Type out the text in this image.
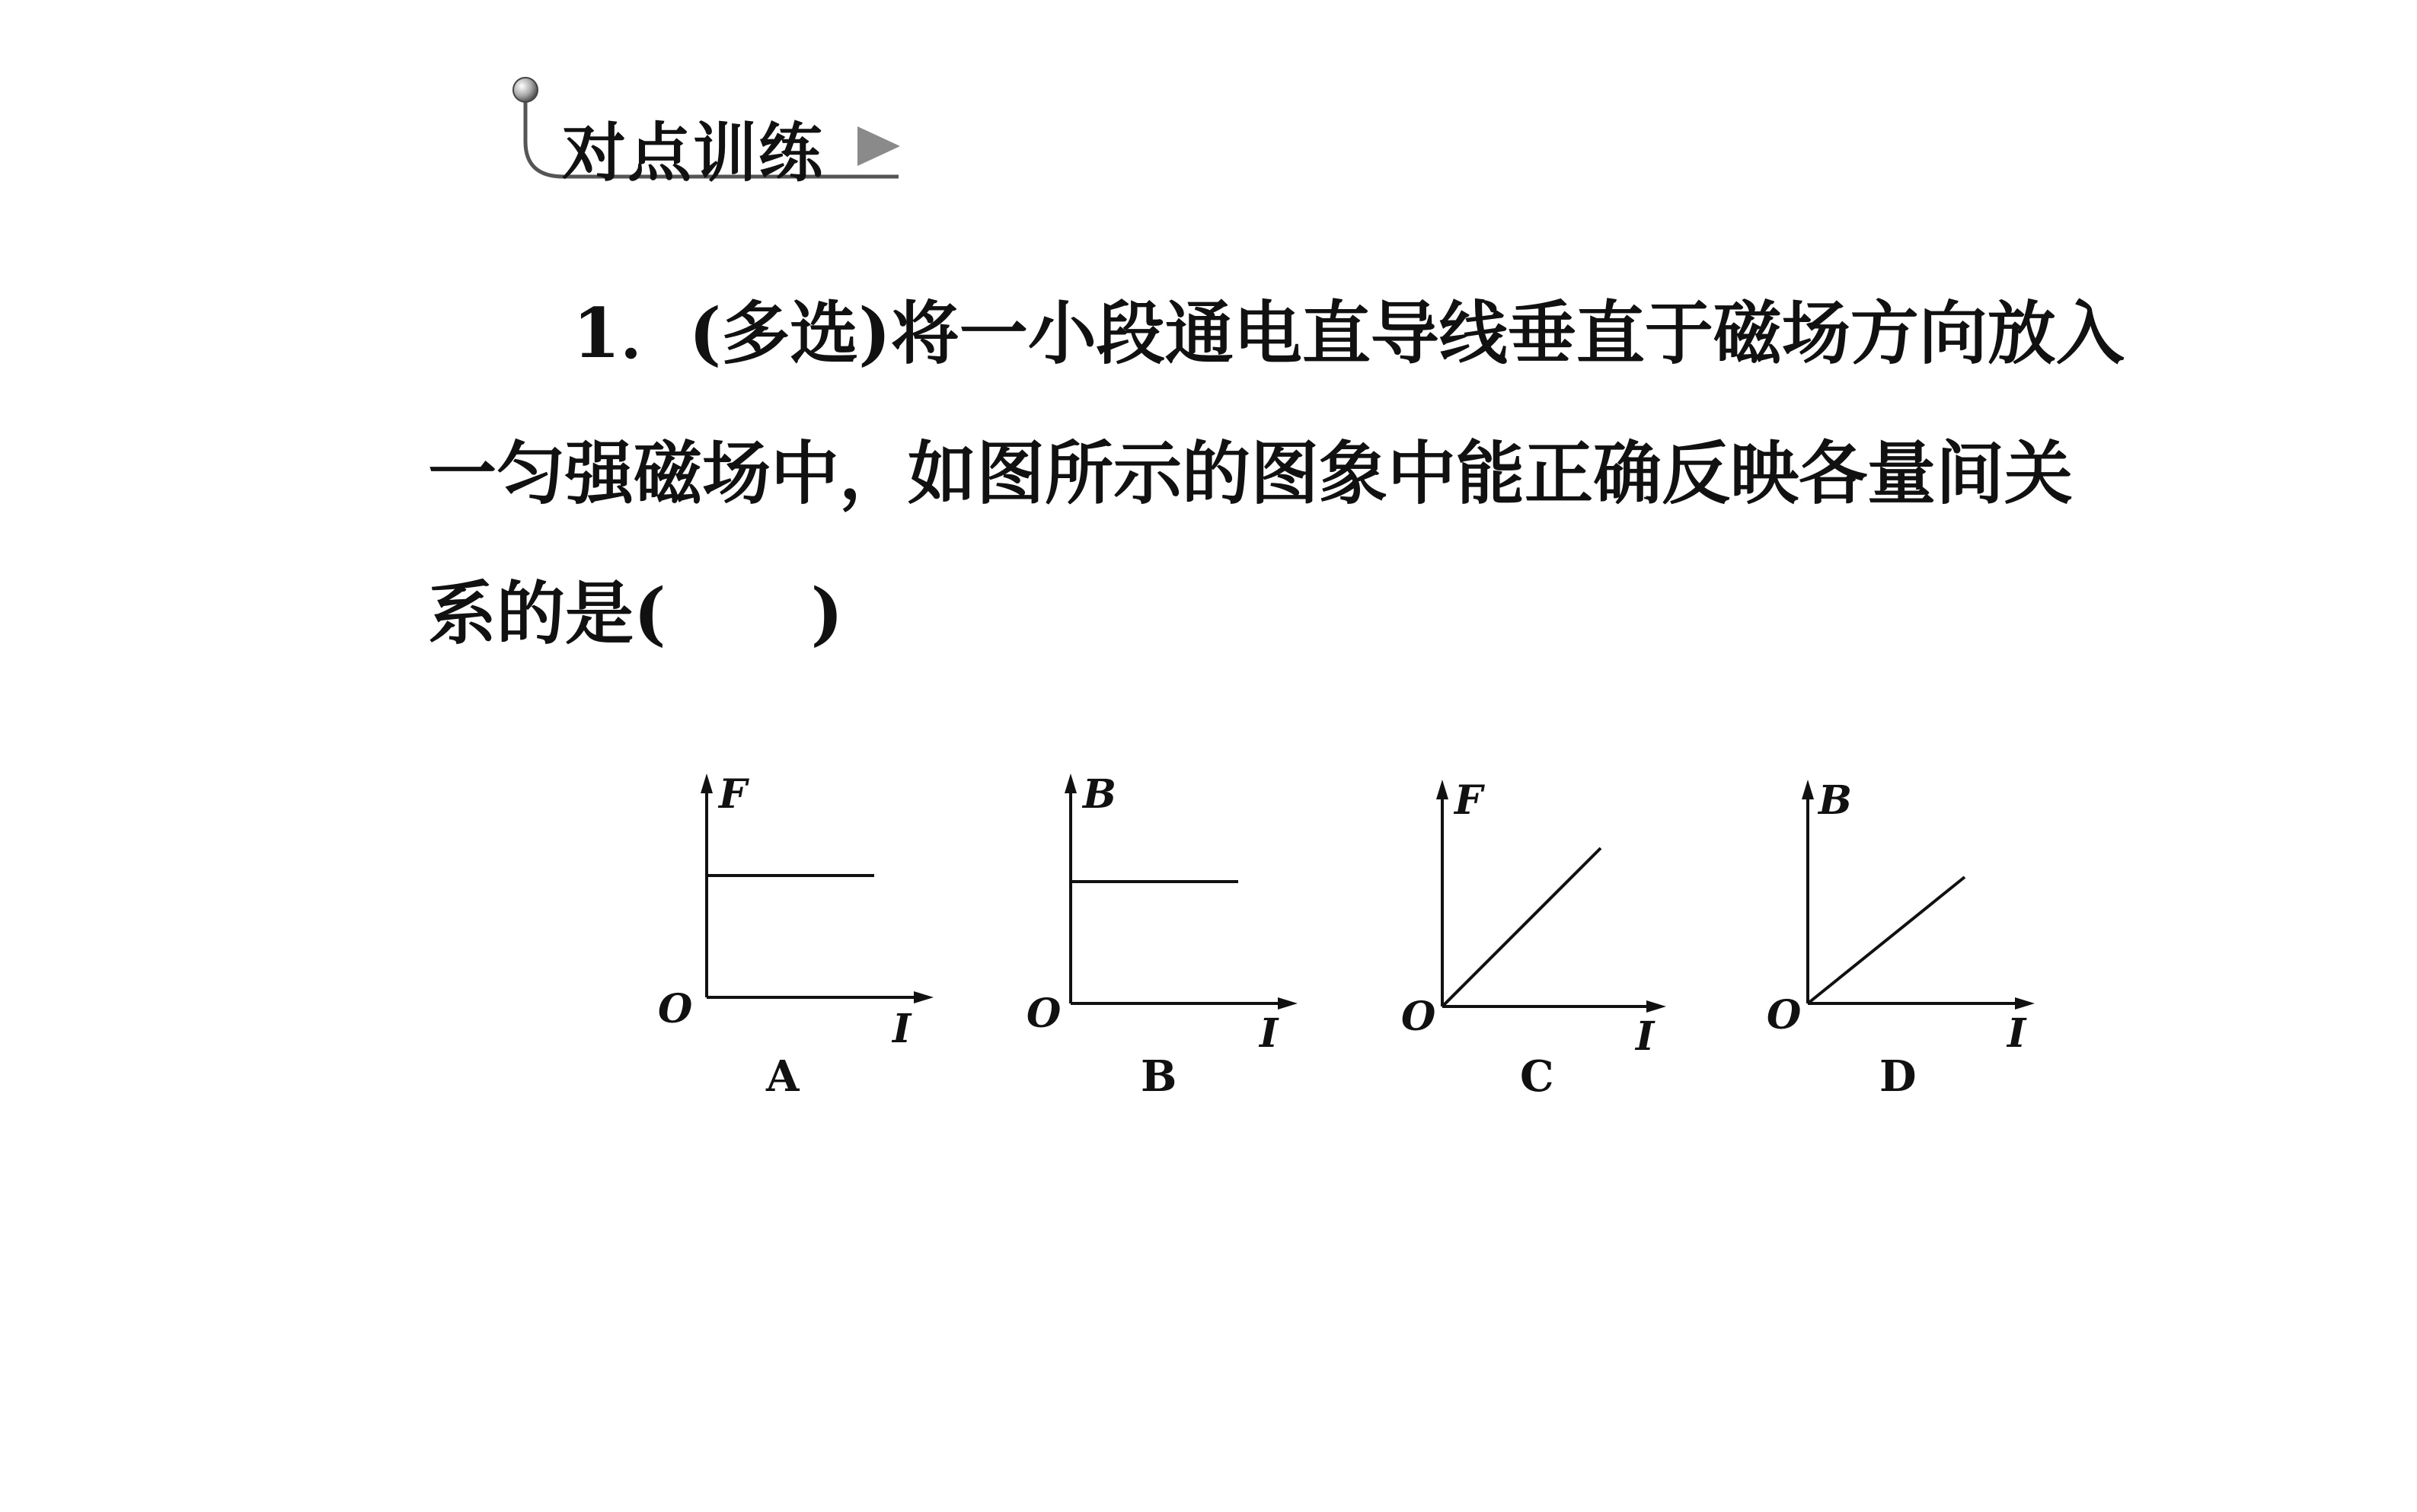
对点训练
1．(多选)将一小段通电直导线垂直于磁场方向放入
一匀强磁场中，如图所示的图象中能正确反映各量间关
系的是( )
F
O	I
A
B
O	I
B
F
O	I
C
B
O	I
D
